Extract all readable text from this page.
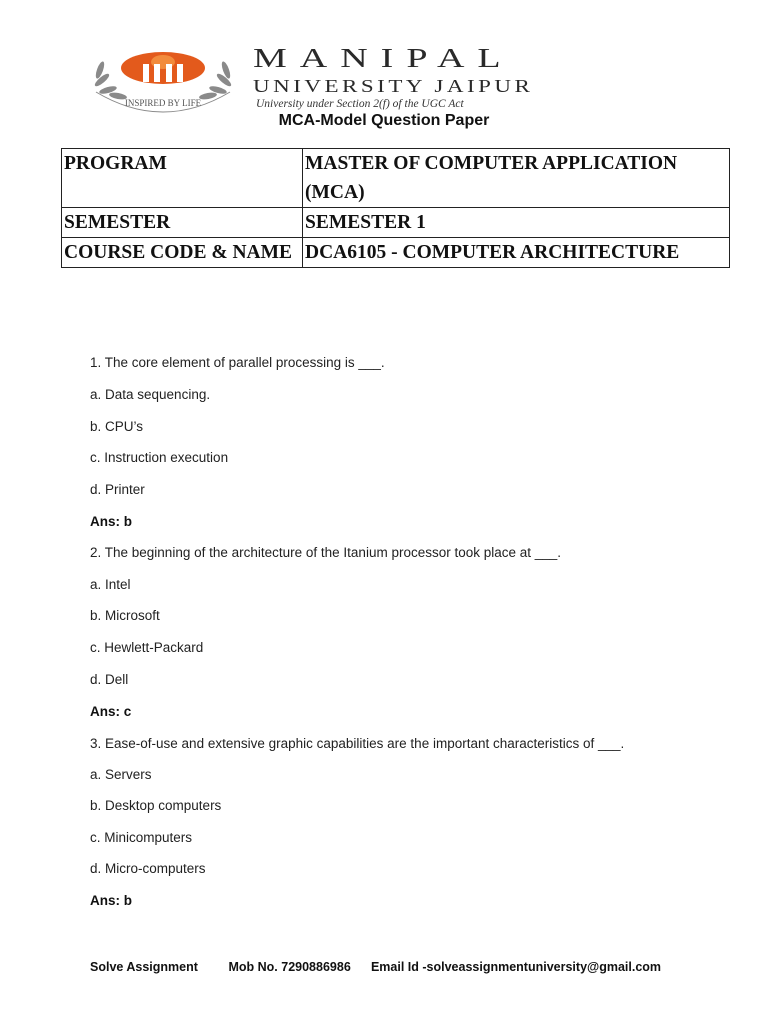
INSPIRED BY LIFE
MANIPAL
UNIVERSITY JAIPUR
University under Section 2(f) of the UGC Act
MCA-Model Question Paper
PROGRAM	MASTER OF COMPUTER APPLICATION (MCA)
SEMESTER	SEMESTER 1
COURSE CODE & NAME	DCA6105 - COMPUTER ARCHITECTURE
1. The core element of parallel processing is ___.
a. Data sequencing.
b. CPU’s
c. Instruction execution
d. Printer
Ans: b
2. The beginning of the architecture of the Itanium processor took place at ___.
a. Intel
b. Microsoft
c. Hewlett-Packard
d. Dell
Ans: c
3. Ease-of-use and extensive graphic capabilities are the important characteristics of ___.
a. Servers
b. Desktop computers
c. Minicomputers
d. Micro-computers
Ans: b
Solve Assignment Mob No. 7290886986 Email Id -solveassignmentuniversity@gmail.com
